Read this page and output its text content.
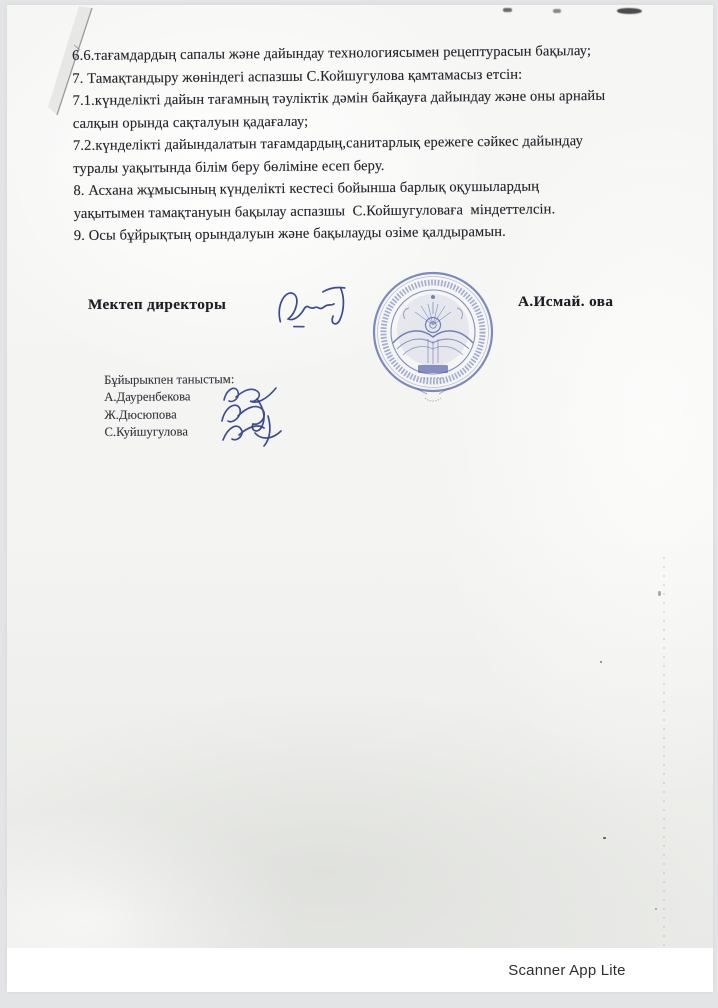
6.6.тағамдардың сапалы және дайындау технологиясымен рецептурасын бақылау;
7. Тамақтандыру жөніндегі аспазшы С.Койшугулова қамтамасыз етсін:
7.1.күнделікті дайын тағамның тәуліктік дәмін байқауға дайындау және оны арнайы
салқын орында сақталуын қадағалау;
7.2.күнделікті дайындалатын тағамдардың,санитарлық ережеге сәйкес дайындау
туралы уақытында білім беру бөліміне есеп беру.
8. Асхана жұмысының күнделікті кестесі бойынша барлық оқушылардың
уақытымен тамақтануын бақылау аспазшы  С.Койшугуловаға  міндеттелсін.
9. Осы бұйрықтың орындалуын және бақылауды озіме қалдырамын.
Мектеп директоры	А.Исмай. ова
Бұйырыкпен таныстым:
А.Дауренбекова
Ж.Дюсюпова
С.Куйшугулова
Scanner App Lite
